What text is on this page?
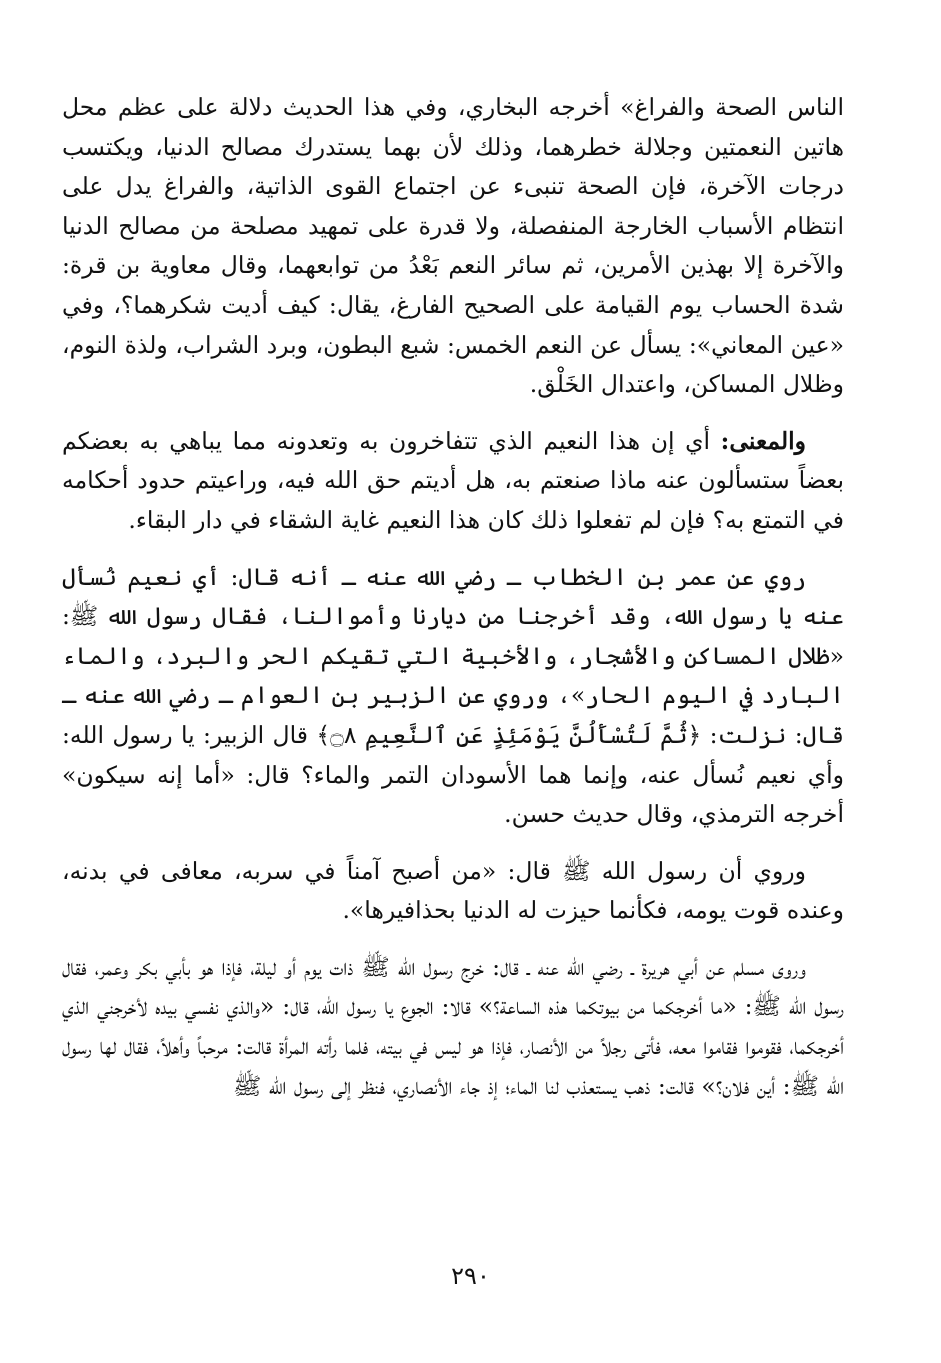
الناس الصحة والفراغ» أخرجه البخاري، وفي هذا الحديث دلالة على عظم محل هاتين النعمتين وجلالة خطرهما، وذلك لأن بهما يستدرك مصالح الدنيا، ويكتسب درجات الآخرة، فإن الصحة تنبىء عن اجتماع القوى الذاتية، والفراغ يدل على انتظام الأسباب الخارجة المنفصلة، ولا قدرة على تمهيد مصلحة من مصالح الدنيا والآخرة إلا بهذين الأمرين، ثم سائر النعم بَعْدُ من توابعهما، وقال معاوية بن قرة: شدة الحساب يوم القيامة على الصحيح الفارغ، يقال: كيف أديت شكرهما؟، وفي «عين المعاني»: يسأل عن النعم الخمس: شبع البطون، وبرد الشراب، ولذة النوم، وظلال المساكن، واعتدال الخَلْق.

والمعنى: أي إن هذا النعيم الذي تتفاخرون به وتعدونه مما يباهي به بعضكم بعضاً ستسألون عنه ماذا صنعتم به، هل أديتم حق الله فيه، وراعيتم حدود أحكامه في التمتع به؟ فإن لم تفعلوا ذلك كان هذا النعيم غاية الشقاء في دار البقاء.

روي عن عمر بن الخطاب ـ رضي الله عنه ـ أنه قال: أي نعيم نُسأل عنه يا رسول الله، وقد أخرجنا من ديارنا وأموالنا، فقال رسول الله ﷺ: «ظلال المساكن والأشجار، والأخبية التي تقيكم الحر والبرد، والماء البارد في اليوم الحار»، وروي عن الزبير بن العوام ـ رضي الله عنه ـ قال: نزلت: ﴿ثُمَّ لَتُسْأَلُنَّ يَوْمَئِذٍ عَنِ ٱلنَّعِيمِ ۝٨﴾ قال الزبير: يا رسول الله: وأي نعيم نُسأل عنه، وإنما هما الأسودان التمر والماء؟ قال: «أما إنه سيكون» أخرجه الترمذي، وقال حديث حسن.

وروي أن رسول الله ﷺ قال: «من أصبح آمناً في سربه، معافى في بدنه، وعنده قوت يومه، فكأنما حيزت له الدنيا بحذافيرها».

وروى مسلم عن أبي هريرة ـ رضي الله عنه ـ قال: خرج رسول الله ﷺ ذات يوم أو ليلة، فإذا هو بأبي بكر وعمر، فقال رسول الله ﷺ: «ما أخرجكما من بيوتكما هذه الساعة؟» قالا: الجوع يا رسول الله، قال: «والذي نفسي بيده لأخرجني الذي أخرجكما، فقوموا فقاموا معه، فأتى رجلاً من الأنصار، فإذا هو ليس في بيته، فلما رأته المرأة قالت: مرحباً وأهلاً، فقال لها رسول الله ﷺ: أين فلان؟» قالت: ذهب يستعذب لنا الماء؛ إذ جاء الأنصاري، فنظر إلى رسول الله ﷺ

٢٩٠
